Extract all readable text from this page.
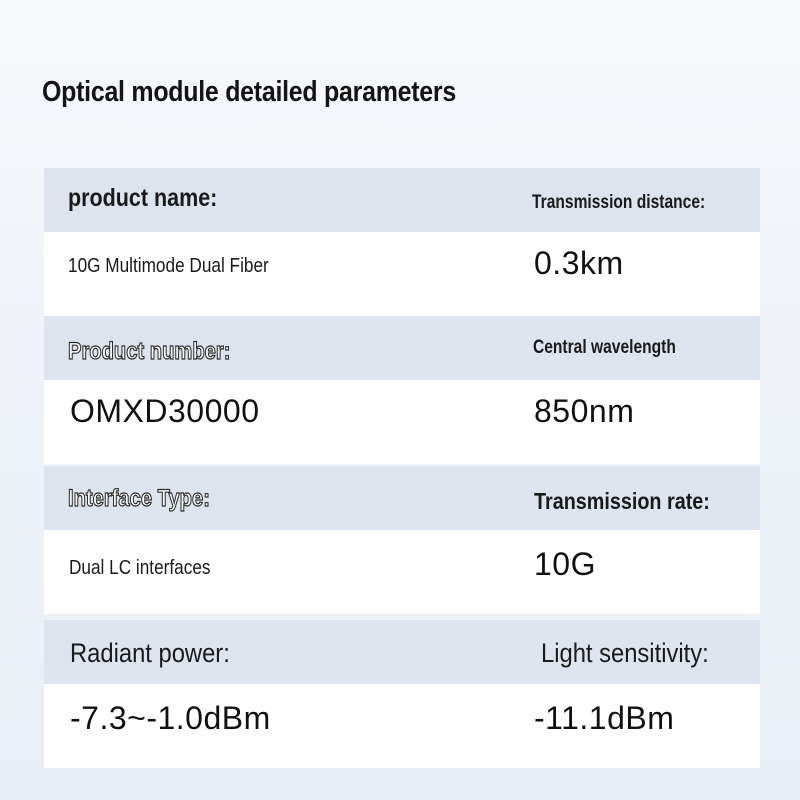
Optical module detailed parameters
product name:	Transmission distance:
10G Multimode Dual Fiber	0.3km
Product number:	Central wavelength
OMXD30000	850nm
Interface Type:	Transmission rate:
Dual LC interfaces	10G
Radiant power:	Light sensitivity:
-7.3~-1.0dBm	-11.1dBm
